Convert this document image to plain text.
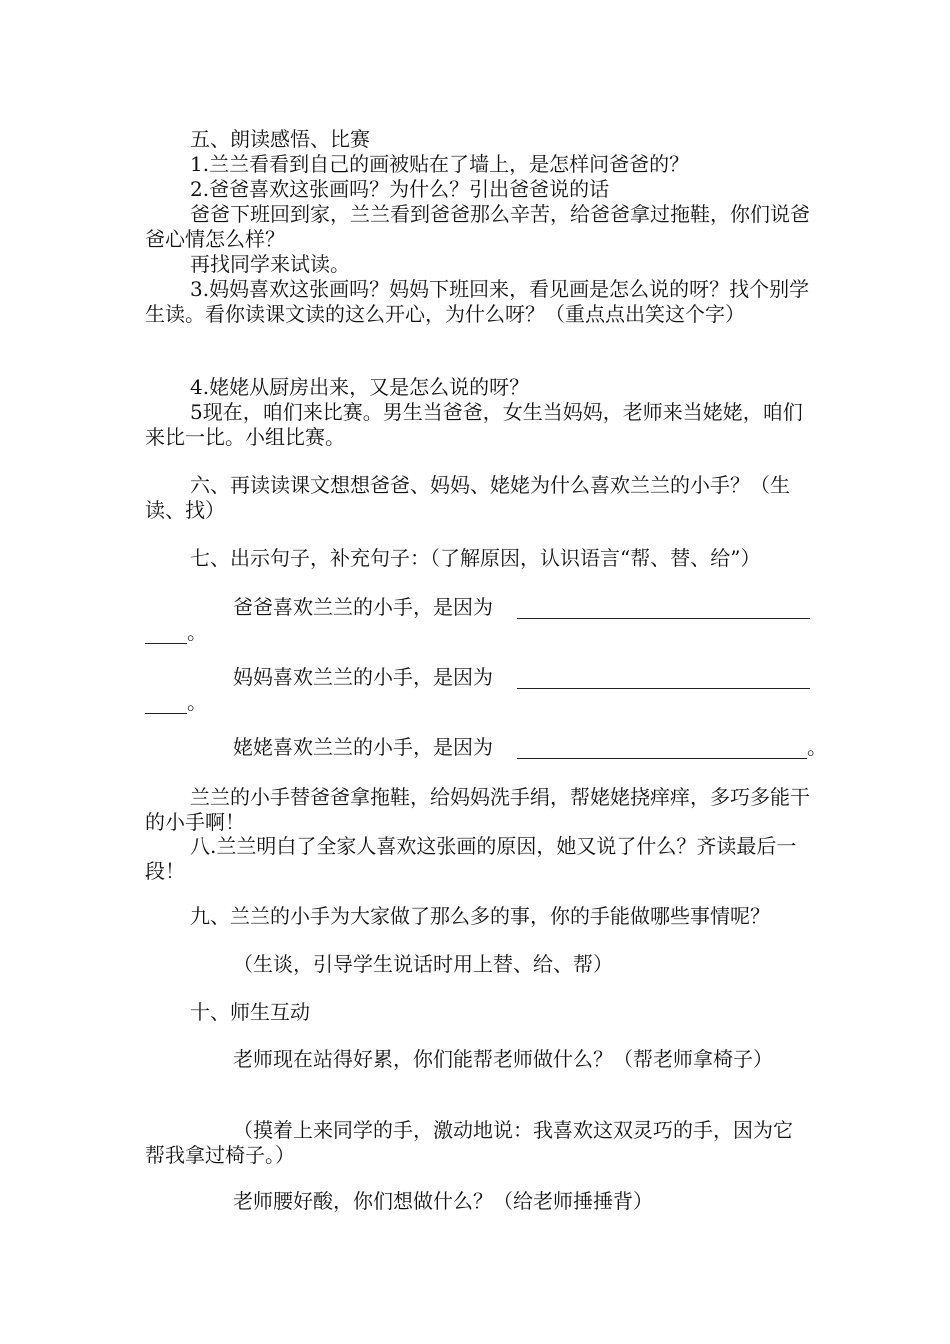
五、朗读感悟、比赛

1.兰兰看看到自己的画被贴在了墙上，是怎样问爸爸的？

2.爸爸喜欢这张画吗？为什么？引出爸爸说的话

爸爸下班回到家，兰兰看到爸爸那么辛苦，给爸爸拿过拖鞋，你们说爸爸心情怎么样？

再找同学来试读。

3.妈妈喜欢这张画吗？妈妈下班回来，看见画是怎么说的呀？找个别学生读。看你读课文读的这么开心，为什么呀？（重点点出笑这个字）

4.姥姥从厨房出来，又是怎么说的呀？

5现在，咱们来比赛。男生当爸爸，女生当妈妈，老师来当姥姥，咱们来比一比。小组比赛。

六、再读读课文想想爸爸、妈妈、姥姥为什么喜欢兰兰的小手？（生读、找）

七、出示句子，补充句子：（了解原因，认识语言“帮、替、给”）

爸爸喜欢兰兰的小手，是因为
。
妈妈喜欢兰兰的小手，是因为
。
姥姥喜欢兰兰的小手，是因为	。

兰兰的小手替爸爸拿拖鞋，给妈妈洗手绢，帮姥姥挠痒痒，多巧多能干的小手啊！

八.兰兰明白了全家人喜欢这张画的原因，她又说了什么？齐读最后一段！

九、兰兰的小手为大家做了那么多的事，你的手能做哪些事情呢？

（生谈，引导学生说话时用上替、给、帮）

十、师生互动

老师现在站得好累，你们能帮老师做什么？（帮老师拿椅子）

（摸着上来同学的手，激动地说：我喜欢这双灵巧的手，因为它帮我拿过椅子。）

老师腰好酸，你们想做什么？（给老师捶捶背）
